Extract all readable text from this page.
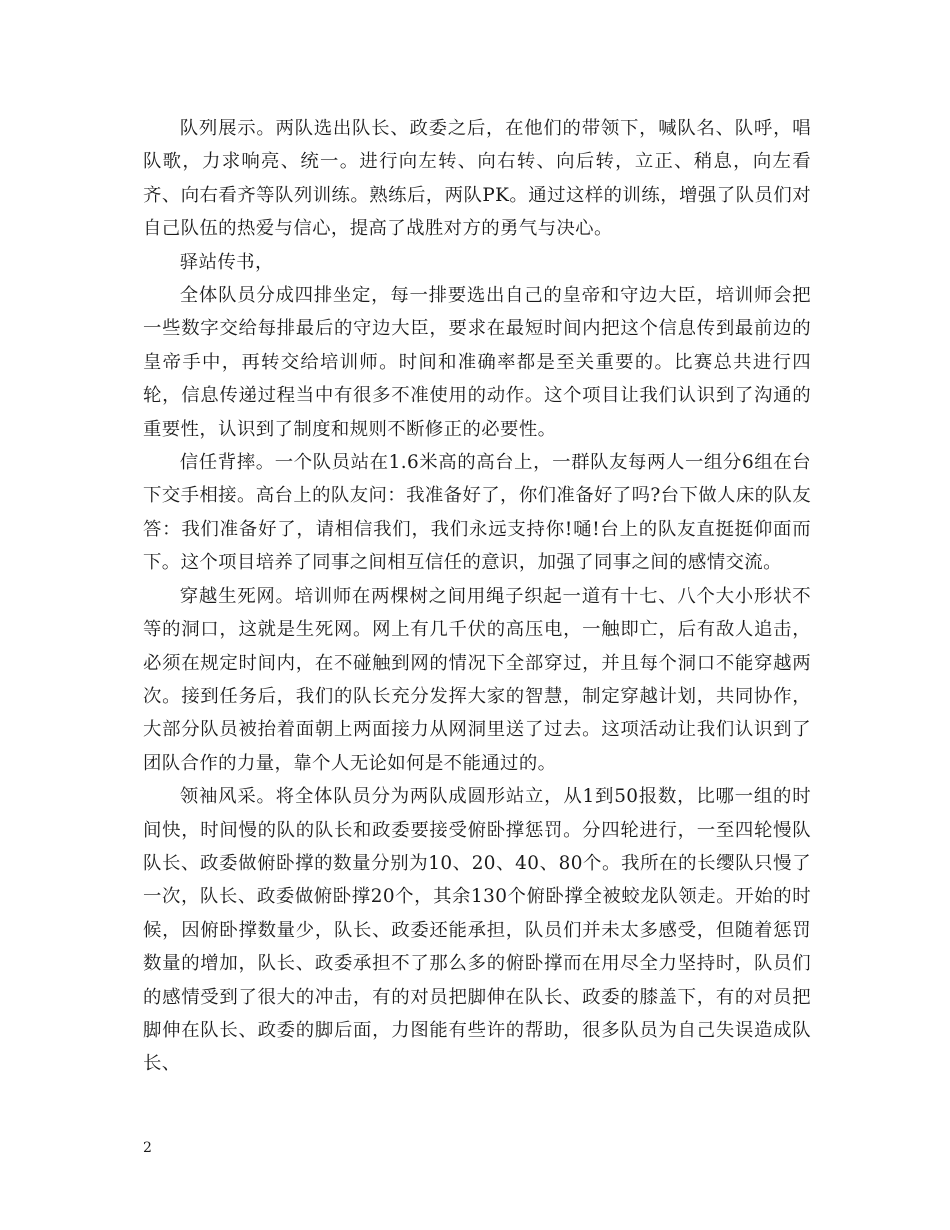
队列展示。两队选出队长、政委之后，在他们的带领下，喊队名、队呼，唱队歌，力求响亮、统一。进行向左转、向右转、向后转，立正、稍息，向左看齐、向右看齐等队列训练。熟练后，两队PK。通过这样的训练，增强了队员们对自己队伍的热爱与信心，提高了战胜对方的勇气与决心。

驿站传书，

全体队员分成四排坐定，每一排要选出自己的皇帝和守边大臣，培训师会把一些数字交给每排最后的守边大臣，要求在最短时间内把这个信息传到最前边的皇帝手中，再转交给培训师。时间和准确率都是至关重要的。比赛总共进行四轮，信息传递过程当中有很多不准使用的动作。这个项目让我们认识到了沟通的重要性，认识到了制度和规则不断修正的必要性。

信任背摔。一个队员站在1.6米高的高台上，一群队友每两人一组分6组在台下交手相接。高台上的队友问：我准备好了，你们准备好了吗?台下做人床的队友答：我们准备好了，请相信我们，我们永远支持你!嗵!台上的队友直挺挺仰面而下。这个项目培养了同事之间相互信任的意识，加强了同事之间的感情交流。

穿越生死网。培训师在两棵树之间用绳子织起一道有十七、八个大小形状不等的洞口，这就是生死网。网上有几千伏的高压电，一触即亡，后有敌人追击，必须在规定时间内，在不碰触到网的情况下全部穿过，并且每个洞口不能穿越两次。接到任务后，我们的队长充分发挥大家的智慧，制定穿越计划，共同协作，大部分队员被抬着面朝上两面接力从网洞里送了过去。这项活动让我们认识到了团队合作的力量，靠个人无论如何是不能通过的。

领袖风采。将全体队员分为两队成圆形站立，从1到50报数，比哪一组的时间快，时间慢的队的队长和政委要接受俯卧撑惩罚。分四轮进行，一至四轮慢队队长、政委做俯卧撑的数量分别为10、20、40、80个。我所在的长缨队只慢了一次，队长、政委做俯卧撑20个，其余130个俯卧撑全被蛟龙队领走。开始的时候，因俯卧撑数量少，队长、政委还能承担，队员们并未太多感受，但随着惩罚数量的增加，队长、政委承担不了那么多的俯卧撑而在用尽全力坚持时，队员们的感情受到了很大的冲击，有的对员把脚伸在队长、政委的膝盖下，有的对员把脚伸在队长、政委的脚后面，力图能有些许的帮助，很多队员为自己失误造成队长、

2
